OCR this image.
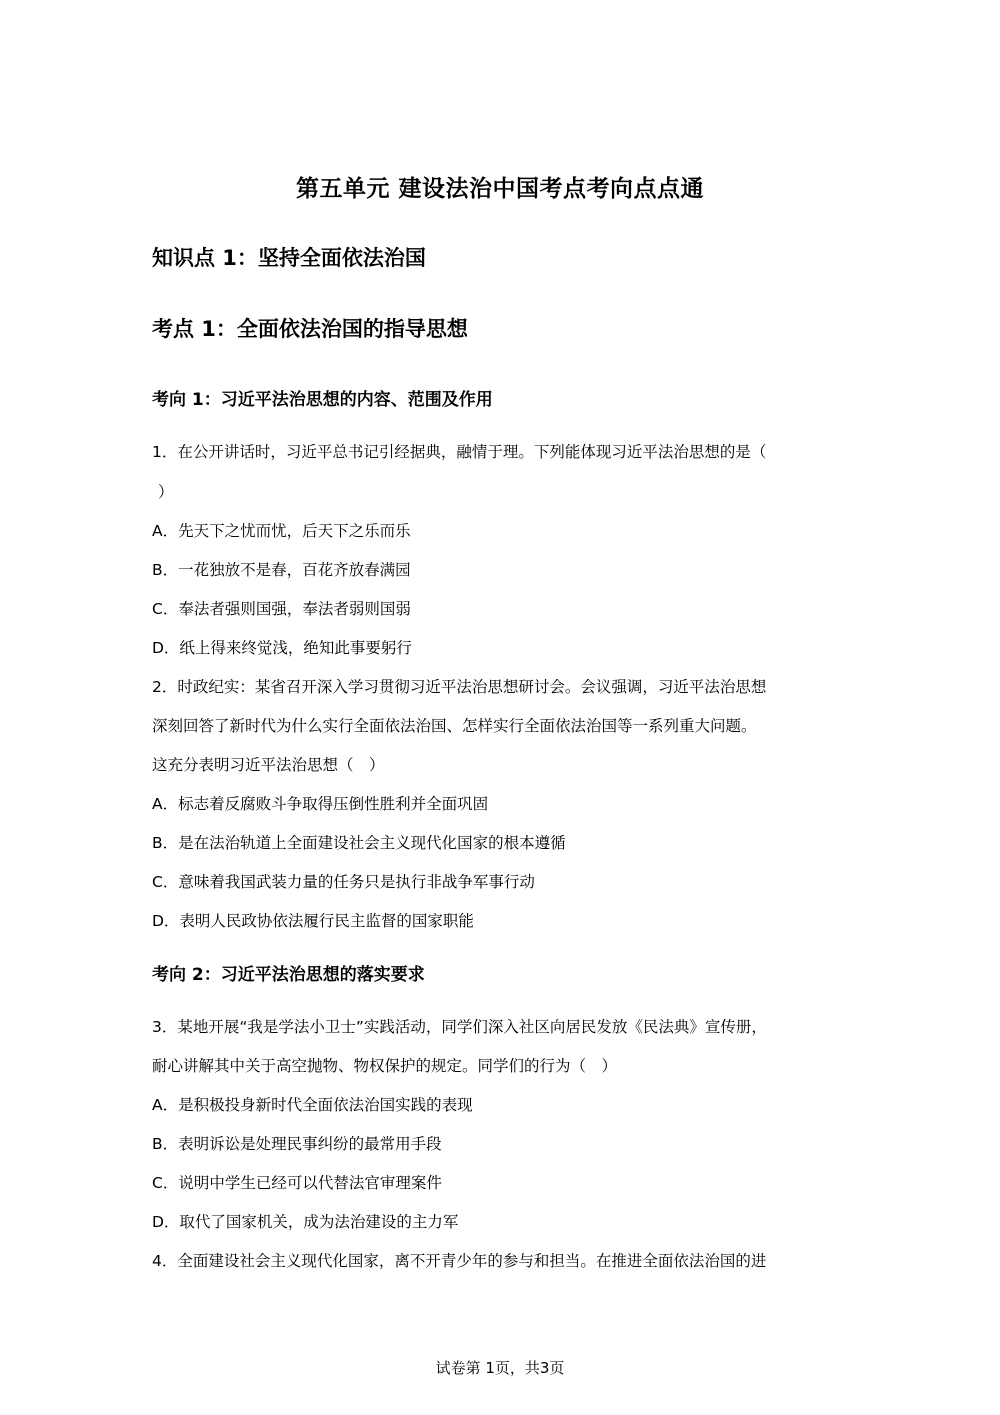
第五单元 建设法治中国考点考向点点通
知识点 1：坚持全面依法治国
考点 1：全面依法治国的指导思想
考向 1：习近平法治思想的内容、范围及作用
1．在公开讲话时，习近平总书记引经据典，融情于理。下列能体现习近平法治思想的是（
）
A．先天下之忧而忧，后天下之乐而乐
B．一花独放不是春，百花齐放春满园
C．奉法者强则国强，奉法者弱则国弱
D．纸上得来终觉浅，绝知此事要躬行
2．时政纪实：某省召开深入学习贯彻习近平法治思想研讨会。会议强调，习近平法治思想
深刻回答了新时代为什么实行全面依法治国、怎样实行全面依法治国等一系列重大问题。
这充分表明习近平法治思想（　）
A．标志着反腐败斗争取得压倒性胜利并全面巩固
B．是在法治轨道上全面建设社会主义现代化国家的根本遵循
C．意味着我国武装力量的任务只是执行非战争军事行动
D．表明人民政协依法履行民主监督的国家职能
考向 2：习近平法治思想的落实要求
3．某地开展“我是学法小卫士”实践活动，同学们深入社区向居民发放《民法典》宣传册，
耐心讲解其中关于高空抛物、物权保护的规定。同学们的行为（　）
A．是积极投身新时代全面依法治国实践的表现
B．表明诉讼是处理民事纠纷的最常用手段
C．说明中学生已经可以代替法官审理案件
D．取代了国家机关，成为法治建设的主力军
4．全面建设社会主义现代化国家，离不开青少年的参与和担当。在推进全面依法治国的进
试卷第 1页，共3页
